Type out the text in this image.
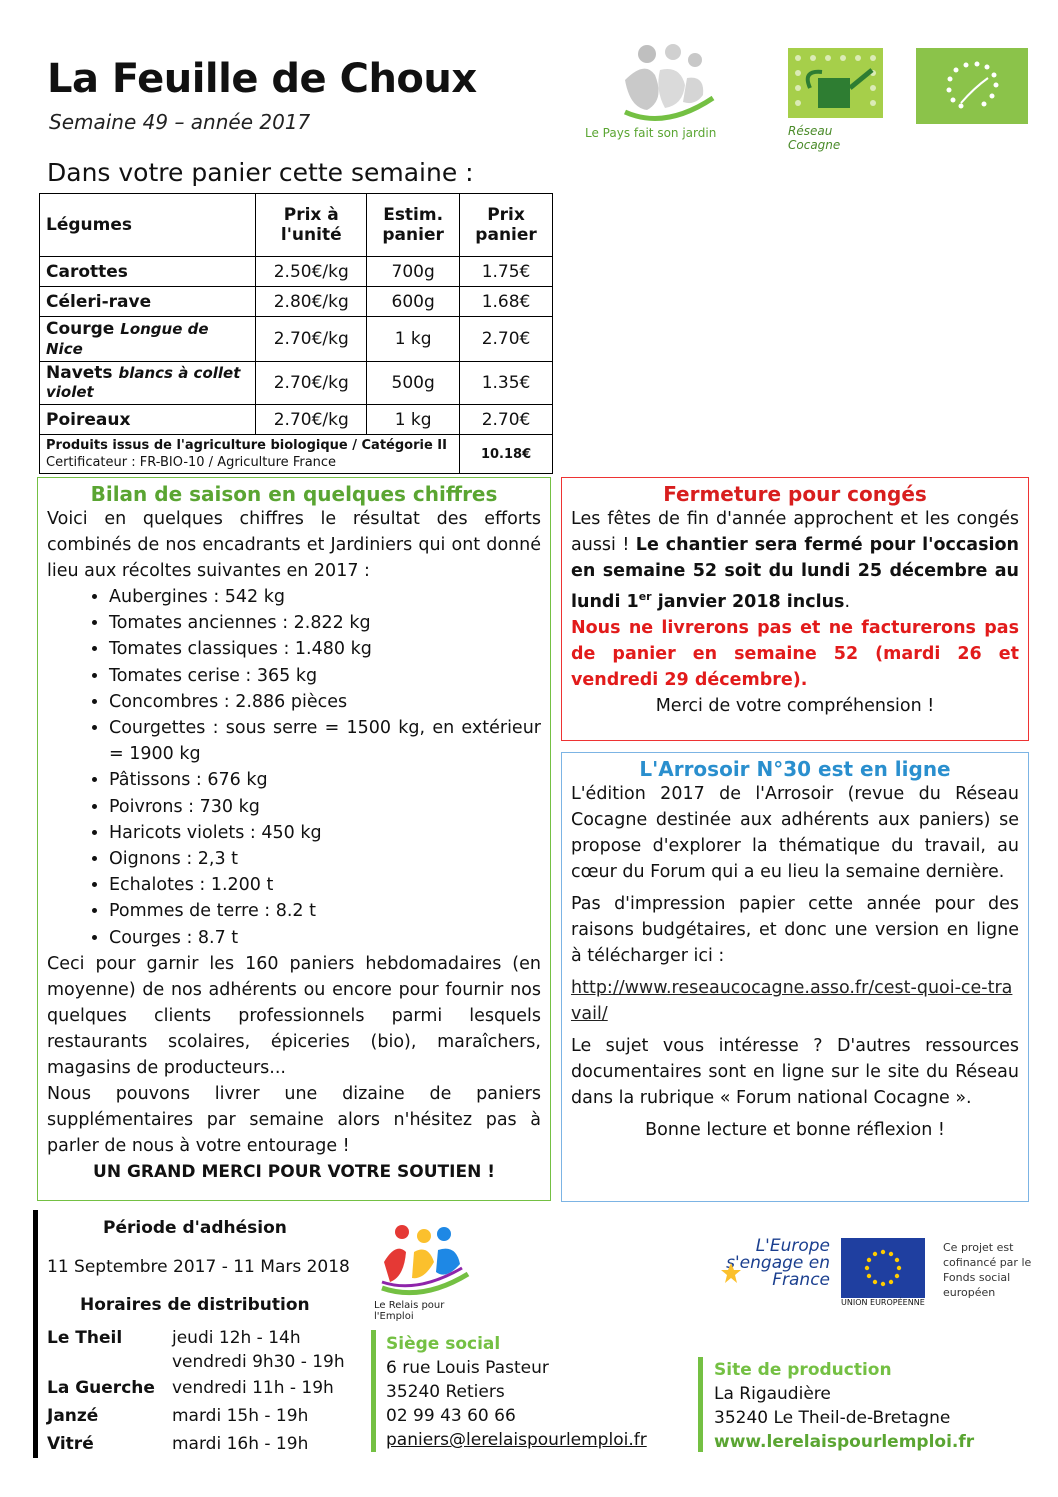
La Feuille de Choux
Semaine 49 – année 2017
Dans votre panier cette semaine :
Le Pays fait son jardin	Réseau Cocagne
Légumes	Prix à l'unité	Estim. panier	Prix panier
Carottes	2.50€/kg	700g	1.75€
Céleri-rave	2.80€/kg	600g	1.68€
Courge Longue de Nice	2.70€/kg	1 kg	2.70€
Navets blancs à collet violet	2.70€/kg	500g	1.35€
Poireaux	2.70€/kg	1 kg	2.70€

Produits issus de l'agriculture biologique / Catégorie II
Certificateur : FR-BIO-10 / Agriculture France			10.18€
Bilan de saison en quelques chiffres

Voici en quelques chiffres le résultat des efforts combinés de nos encadrants et Jardiniers qui ont donné lieu aux récoltes suivantes en 2017 :

• Aubergines : 542 kg
• Tomates anciennes : 2.822 kg
• Tomates classiques : 1.480 kg
• Tomates cerise : 365 kg
• Concombres : 2.886 pièces
• Courgettes : sous serre = 1500 kg, en extérieur = 1900 kg
• Pâtissons : 676 kg
• Poivrons : 730 kg
• Haricots violets : 450 kg
• Oignons : 2,3 t
• Echalotes : 1.200 t
• Pommes de terre : 8.2 t
• Courges : 8.7 t

Ceci pour garnir les 160 paniers hebdomadaires (en moyenne) de nos adhérents ou encore pour fournir nos quelques clients professionnels parmi lesquels restaurants scolaires, épiceries (bio), maraîchers, magasins de producteurs...

Nous pouvons livrer une dizaine de paniers supplémentaires par semaine alors n'hésitez pas à parler de nous à votre entourage !

UN GRAND MERCI POUR VOTRE SOUTIEN !
Fermeture pour congés

Les fêtes de fin d'année approchent et les congés aussi ! Le chantier sera fermé pour l'occasion en semaine 52 soit du lundi 25 décembre au lundi 1er janvier 2018 inclus.

Nous ne livrerons pas et ne facturerons pas de panier en semaine 52 (mardi 26 et vendredi 29 décembre).

Merci de votre compréhension !

L'Arrosoir N°30 est en ligne

L'édition 2017 de l'Arrosoir (revue du Réseau Cocagne destinée aux adhérents aux paniers) se propose d'explorer la thématique du travail, au cœur du Forum qui a eu lieu la semaine dernière.

Pas d'impression papier cette année pour des raisons budgétaires, et donc une version en ligne à télécharger ici :

http://www.reseaucocagne.asso.fr/cest-quoi-ce-travail/

Le sujet vous intéresse ? D'autres ressources documentaires sont en ligne sur le site du Réseau dans la rubrique « Forum national Cocagne ».

Bonne lecture et bonne réflexion !

Période d'adhésion
11 Septembre 2017 - 11 Mars 2018
Horaires de distribution
Le Theil	jeudi 12h - 14h
vendredi 9h30 - 19h
La Guerche vendredi 11h - 19h
Janzé	mardi 15h - 19h
Vitré	mardi 16h - 19h
Le Relais pour l'Emploi
Siège social
6 rue Louis Pasteur
35240 Retiers
02 99 43 60 66
paniers@lerelaispourlemploi.fr
L'Europe s'engage en France
UNION EUROPÉENNE
Ce projet est cofinancé par le Fonds social européen
Site de production
La Rigaudière
35240 Le Theil-de-Bretagne
www.lerelaispourlemploi.fr
